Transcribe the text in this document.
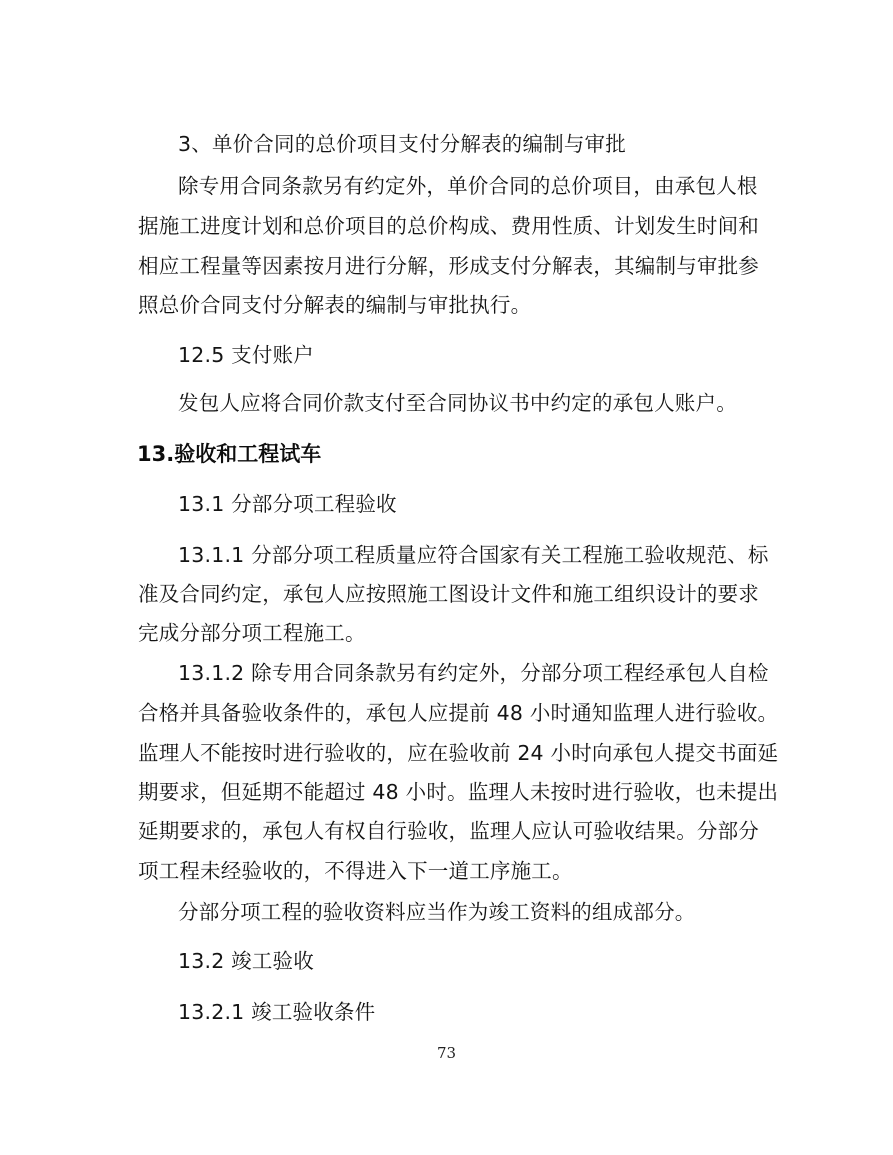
3、单价合同的总价项目支付分解表的编制与审批
除专用合同条款另有约定外，单价合同的总价项目，由承包人根
据施工进度计划和总价项目的总价构成、费用性质、计划发生时间和
相应工程量等因素按月进行分解，形成支付分解表，其编制与审批参
照总价合同支付分解表的编制与审批执行。
12.5 支付账户
发包人应将合同价款支付至合同协议书中约定的承包人账户。
13.验收和工程试车
13.1 分部分项工程验收
13.1.1 分部分项工程质量应符合国家有关工程施工验收规范、标
准及合同约定，承包人应按照施工图设计文件和施工组织设计的要求
完成分部分项工程施工。
13.1.2 除专用合同条款另有约定外，分部分项工程经承包人自检
合格并具备验收条件的，承包人应提前 48 小时通知监理人进行验收。
监理人不能按时进行验收的，应在验收前 24 小时向承包人提交书面延
期要求，但延期不能超过 48 小时。监理人未按时进行验收，也未提出
延期要求的，承包人有权自行验收，监理人应认可验收结果。分部分
项工程未经验收的，不得进入下一道工序施工。
分部分项工程的验收资料应当作为竣工资料的组成部分。
13.2 竣工验收
13.2.1 竣工验收条件
73
